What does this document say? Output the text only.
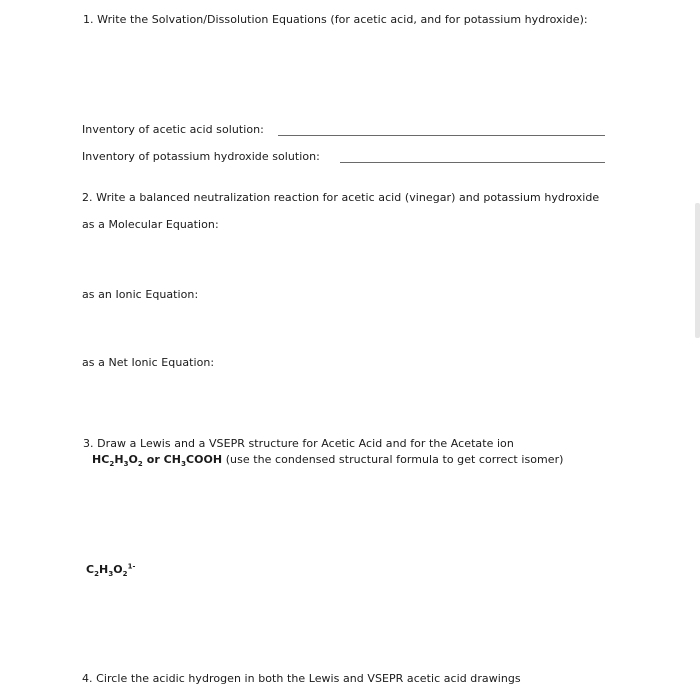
1. Write the Solvation/Dissolution Equations (for acetic acid, and for potassium hydroxide):
Inventory of acetic acid solution:
Inventory of potassium hydroxide solution:
2. Write a balanced neutralization reaction for acetic acid (vinegar) and potassium hydroxide
as a Molecular Equation:
as an Ionic Equation:
as a Net Ionic Equation:
3. Draw a Lewis and a VSEPR structure for Acetic Acid and for the Acetate ion
$HC_2H_3O_2$ or $CH_3COOH$ (use the condensed structural formula to get correct isomer)
$C_2H_3O_2^{1-}$
4. Circle the acidic hydrogen in both the Lewis and VSEPR acetic acid drawings
